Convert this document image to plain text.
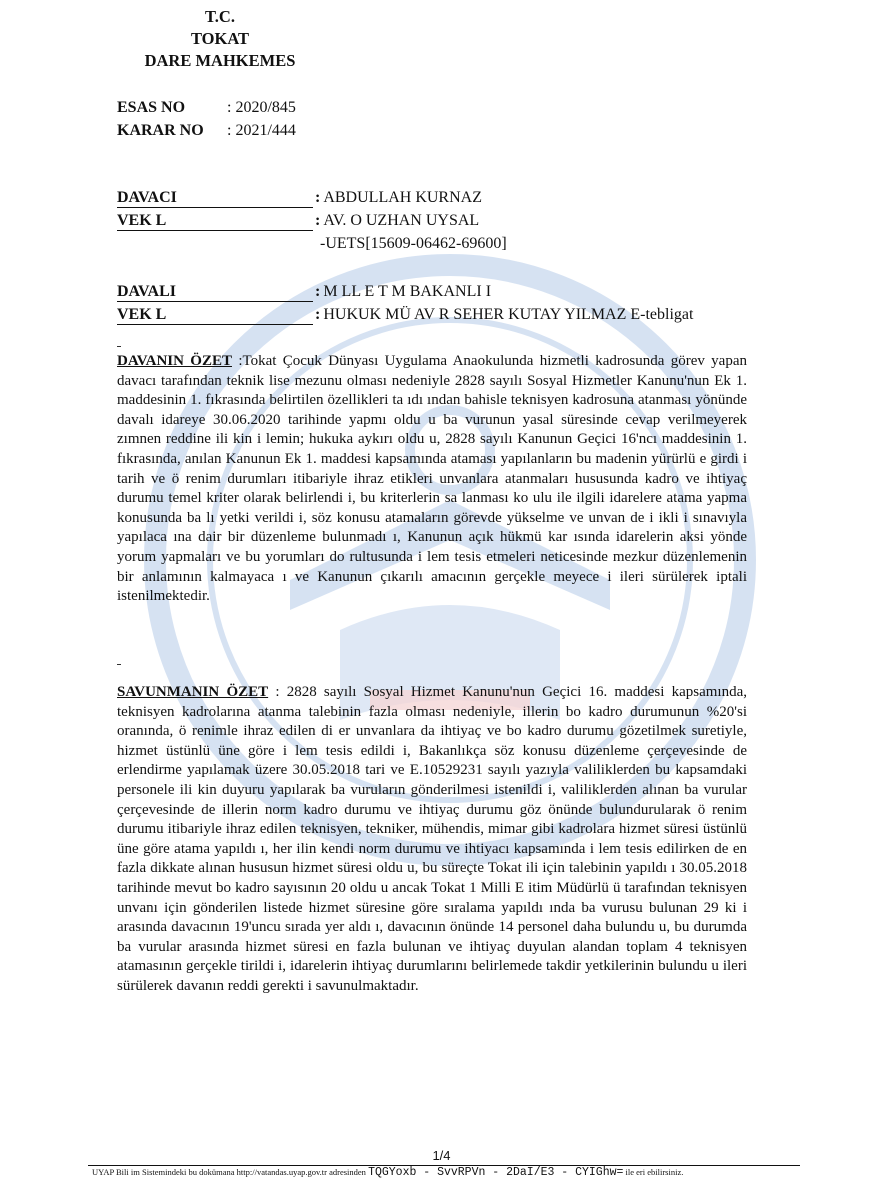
T.C.
TOKAT
DARE MAHKEMES
ESAS NO	: 2020/845
KARAR NO : 2021/444
DAVACI	: ABDULLAH KURNAZ
VEK L	: AV. O UZHAN UYSAL
-UETS[15609-06462-69600]
DAVALI	: M LL E T M BAKANLI I
VEK L	: HUKUK MÜ AV R SEHER KUTAY YILMAZ E-tebligat
DAVANIN ÖZET :Tokat Çocuk Dünyası Uygulama Anaokulunda hizmetli kadrosunda görev yapan davacı tarafından teknik lise mezunu olması nedeniyle 2828 sayılı Sosyal Hizmetler Kanunu'nun Ek 1. maddesinin 1. fıkrasında belirtilen özellikleri ta ıdı ından bahisle teknisyen kadrosuna atanması yönünde davalı idareye 30.06.2020 tarihinde yapmı oldu u ba vurunun yasal süresinde cevap verilmeyerek zımnen reddine ili kin i lemin; hukuka aykırı oldu u, 2828 sayılı Kanunun Geçici 16'ncı maddesinin 1. fıkrasında, anılan Kanunun Ek 1. maddesi kapsamında ataması yapılanların bu madenin yürürlü e girdi i tarih ve ö renim durumları itibariyle ihraz etikleri unvanlara atanmaları hususunda kadro ve ihtiyaç durumu temel kriter olarak belirlendi i, bu kriterlerin sa lanması ko ulu ile ilgili idarelere atama yapma konusunda ba lı yetki verildi i, söz konusu atamaların görevde yükselme ve unvan de i ikli i sınavıyla yapılaca ına dair bir düzenleme bulunmadı ı, Kanunun açık hükmü kar ısında idarelerin aksi yönde yorum yapmaları ve bu yorumları do rultusunda i lem tesis etmeleri neticesinde mezkur düzenlemenin bir anlamının kalmayaca ı ve Kanunun çıkarılı amacının gerçekle meyece i ileri sürülerek iptali istenilmektedir.
SAVUNMANIN ÖZET : 2828 sayılı Sosyal Hizmet Kanunu'nun Geçici 16. maddesi kapsamında, teknisyen kadrolarına atanma talebinin fazla olması nedeniyle, illerin bo kadro durumunun %20'si oranında, ö renimle ihraz edilen di er unvanlara da ihtiyaç ve bo kadro durumu gözetilmek suretiyle, hizmet üstünlü üne göre i lem tesis edildi i, Bakanlıkça söz konusu düzenleme çerçevesinde de erlendirme yapılamak üzere 30.05.2018 tari ve E.10529231 sayılı yazıyla valiliklerden bu kapsamdaki personele ili kin duyuru yapılarak ba vuruların gönderilmesi istenildi i, valiliklerden alınan ba vurular çerçevesinde de illerin norm kadro durumu ve ihtiyaç durumu göz önünde bulundurularak ö renim durumu itibariyle ihraz edilen teknisyen, tekniker, mühendis, mimar gibi kadrolara hizmet süresi üstünlü üne göre atama yapıldı ı, her ilin kendi norm durumu ve ihtiyacı kapsamında i lem tesis edilirken de en fazla dikkate alınan hususun hizmet süresi oldu u, bu süreçte Tokat ili için talebinin yapıldı ı 30.05.2018 tarihinde mevut bo kadro sayısının 20 oldu u ancak Tokat 1 Milli E itim Müdürlü ü tarafından teknisyen unvanı için gönderilen listede hizmet süresine göre sıralama yapıldı ında ba vurusu bulunan 29 ki i arasında davacının 19'uncu sırada yer aldı ı, davacının önünde 14 personel daha bulundu u, bu durumda ba vurular arasında hizmet süresi en fazla bulunan ve ihtiyaç duyulan alandan toplam 4 teknisyen atamasının gerçekle tirildi i, idarelerin ihtiyaç durumlarını belirlemede takdir yetkilerinin bulundu u ileri sürülerek davanın reddi gerekti i savunulmaktadır.
1/4
UYAP Bili im Sistemindeki bu dokümana http://vatandas.uyap.gov.tr adresinden TQGYoxb - SvvRPVn - 2DaI/E3 - CYIGhw= ile eri ebilirsiniz.
